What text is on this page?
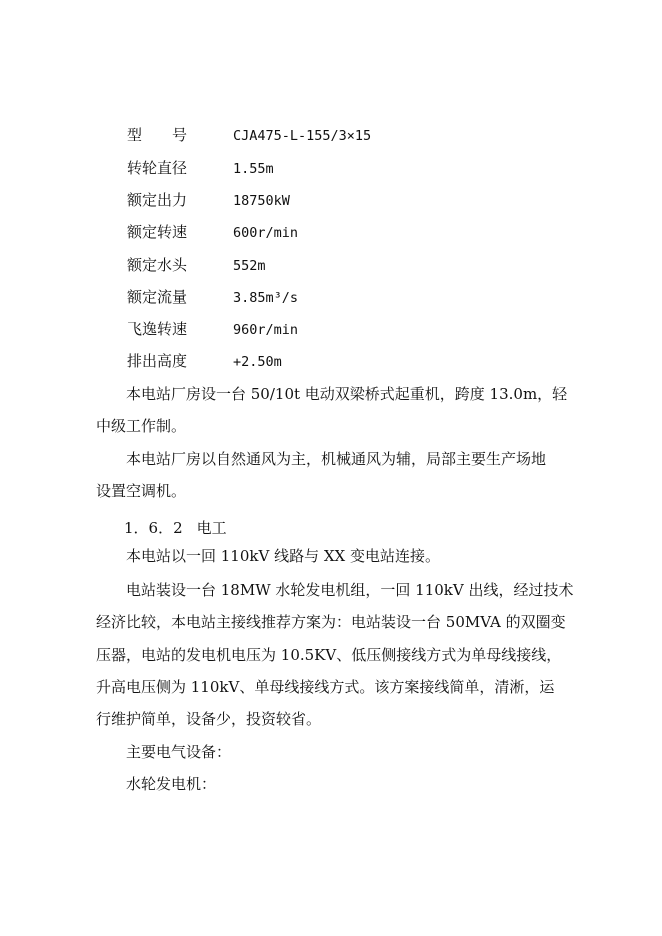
型　　号	CJA475-L-155/3×15
转轮直径	1.55m
额定出力	18750kW
额定转速	600r/min
额定水头	552m
额定流量	3.85m³/s
飞逸转速	960r/min
排出高度	+2.50m
本电站厂房设一台 50/10t 电动双梁桥式起重机，跨度 13.0m，轻
中级工作制。
本电站厂房以自然通风为主，机械通风为辅，局部主要生产场地
设置空调机。
1．6．2 电工
本电站以一回 110kV 线路与 XX 变电站连接。
电站装设一台 18MW 水轮发电机组，一回 110kV 出线，经过技术
经济比较，本电站主接线推荐方案为：电站装设一台 50MVA 的双圈变
压器，电站的发电机电压为 10.5KV、低压侧接线方式为单母线接线，
升高电压侧为 110kV、单母线接线方式。该方案接线简单，清淅，运
行维护简单，设备少，投资较省。
主要电气设备：
水轮发电机：
